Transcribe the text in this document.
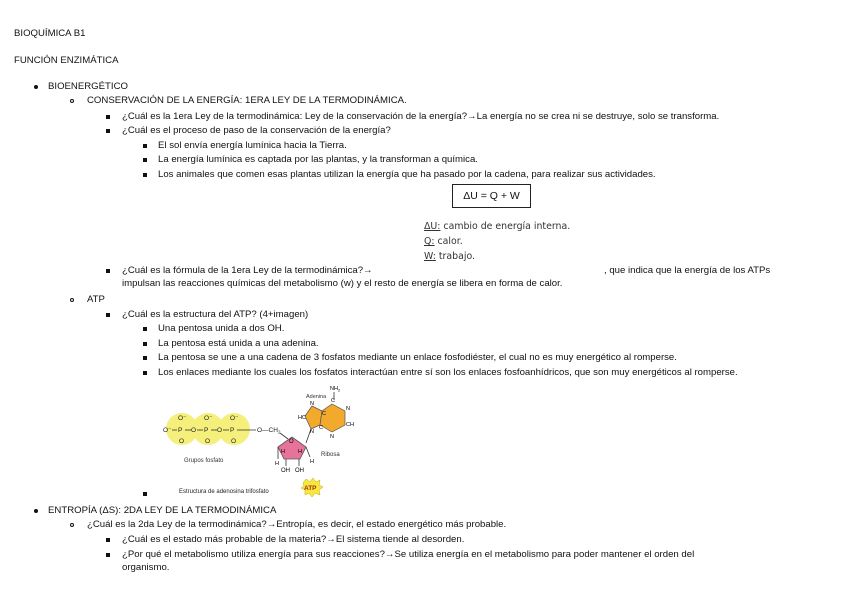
BIOQUÍMICA B1
FUNCIÓN ENZIMÁTICA
BIOENERGÉTICO
CONSERVACIÓN DE LA ENERGÍA: 1ERA LEY DE LA TERMODINÁMICA.
¿Cuál es la 1era Ley de la termodinámica: Ley de la conservación de la energía?→La energía no se crea ni se destruye, solo se transforma.
¿Cuál es el proceso de paso de la conservación de la energía?
El sol envía energía lumínica hacia la Tierra.
La energía lumínica es captada por las plantas, y la transforman a química.
Los animales que comen esas plantas utilizan la energía que ha pasado por la cadena, para realizar sus actividades.
ΔU = Q + W
ΔU: cambio de energía interna.
Q: calor.
W: trabajo.
¿Cuál es la fórmula de la 1era Ley de la termodinámica?→	, que indica que la energía de los ATPs
impulsan las reacciones químicas del metabolismo (w) y el resto de energía se libera en forma de calor.
ATP
¿Cuál es la estructura del ATP? (4+imagen)
Una pentosa unida a dos OH.
La pentosa está unida a una adenina.
La pentosa se une a una cadena de 3 fosfatos mediante un enlace fosfodiéster, el cual no es muy energético al romperse.
Los enlaces mediante los cuales los fosfatos interactúan entre sí son los enlaces fosfoanhídricos, que son muy energéticos al romperse.
O⁻ P
O⁻
O
O P
O⁻
O
O P
O⁻
O
$O—CH_2$
Grupos fosfato
O
H H
H	H
OH OH
Ribosa
N
HC
N
C
C
N
CH
N
C
$NH_2$
Adenina
Estructura de adenosina trifosfato	ATP
ENTROPÍA (ΔS): 2DA LEY DE LA TERMODINÁMICA
¿Cuál es la 2da Ley de la termodinámica?→Entropía, es decir, el estado energético más probable.
¿Cuál es el estado más probable de la materia?→El sistema tiende al desorden.
¿Por qué el metabolismo utiliza energía para sus reacciones?→Se utiliza energía en el metabolismo para poder mantener el orden del
organismo.
